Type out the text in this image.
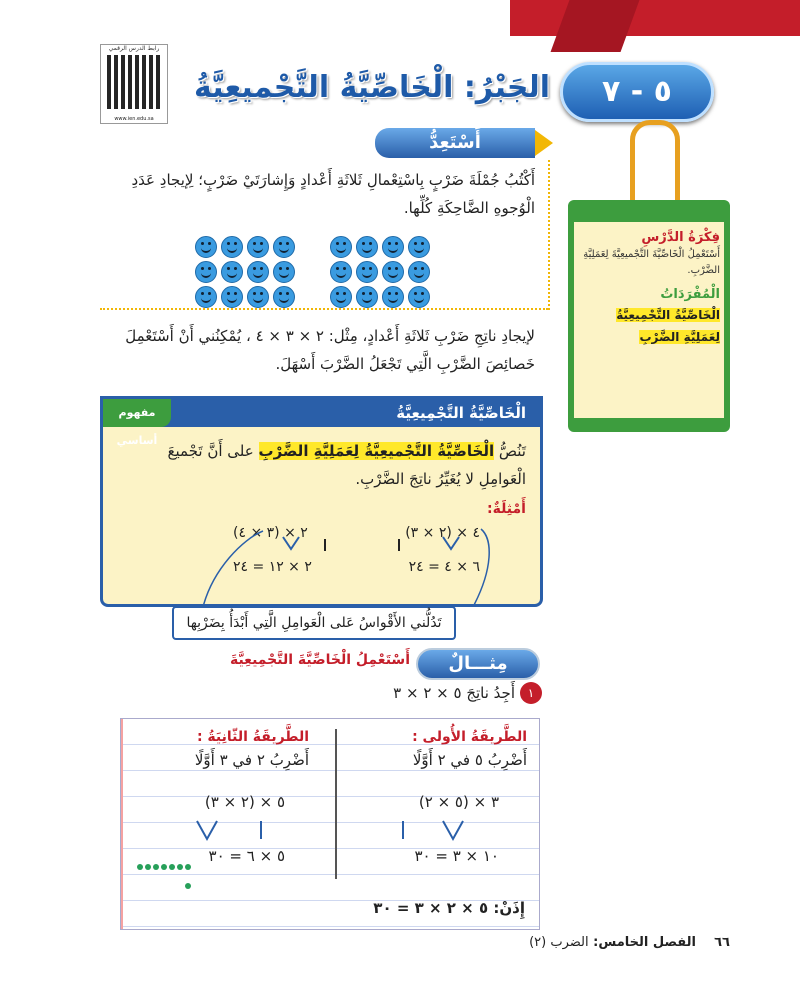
٥ - ٧
الجَبْرُ: الْخَاصِّيَّةُ التَّجْميعِيَّةُ
رابط الدرس الرقمي
www.ien.edu.sa
فِكْرَةُ الدَّرْسِ
أَسْتَعْمِلُ الْخَاصِّيَّةَ التَّجْميعِيَّةَ لِعَمَلِيَّةِ الضَّرْبِ.
الْمُفْرَدَاتُ
الْخَاصِّيَّةُ التَّجْمِيعِيَّةُ
لِعَمَلِيَّةِ الضَّرْبِ
أَسْتَعِدُّ
أَكْتُبُ جُمْلَةَ ضَرْبٍ بِاسْتِعْمالِ ثَلاثَةِ أَعْدادٍ وَإِشارَتَيْ ضَرْبٍ؛ لِإيجادِ عَدَدِ الْوُجوهِ الضَّاحِكَةِ كُلِّها.
لإيجادِ ناتِجِ ضَرْبِ ثَلاثَةِ أَعْدادٍ، مِثْل: ٢ × ٣ × ٤ ، يُمْكِنُني أَنْ أَسْتَعْمِلَ خَصائِصَ الضَّرْبِ الَّتِي تَجْعَلُ الضَّرْبَ أَسْهَلَ.
الْخَاصِّيَّةُ التَّجْمِيعِيَّةُ
مفهوم أساسي
تَنُصُّ الْخَاصِّيَّةُ التَّجْميعِيَّةُ لِعَمَلِيَّةِ الضَّرْبِ على أَنَّ تَجْميعَ الْعَوامِلِ لا يُغَيِّرُ ناتِجَ الضَّرْبِ.
أَمْثِلَةٌ:
(٢ × ٣) × ٤
٦ × ٤ = ٢٤
٢ × (٣ × ٤)
٢ × ١٢ = ٢٤
تَدُلُّني الأَقْواسُ عَلى الْعَوامِلِ الَّتِي أَبْدَأُ بِضَرْبِها
مِثـــالٌ
أَسْتَعْمِلُ الْخَاصِّيَّةَ التَّجْمِيعِيَّةَ
١
أَجِدُ ناتِجَ ٥ × ٢ × ٣
الطَّريقَةُ الأُولى :
أَضْرِبُ ٥ في ٢ أَوَّلًا
(٥ × ٢) × ٣
١٠ × ٣ = ٣٠
الطَّريقَةُ الثّانِيَةُ :
أَضْرِبُ ٢ في ٣ أَوَّلًا
٥ × (٢ × ٣)
٥ × ٦ = ٣٠
إِذَنْ: ٥ × ٢ × ٣ = ٣٠
٦٦    الفصل الخامس: الضرب (٢)
